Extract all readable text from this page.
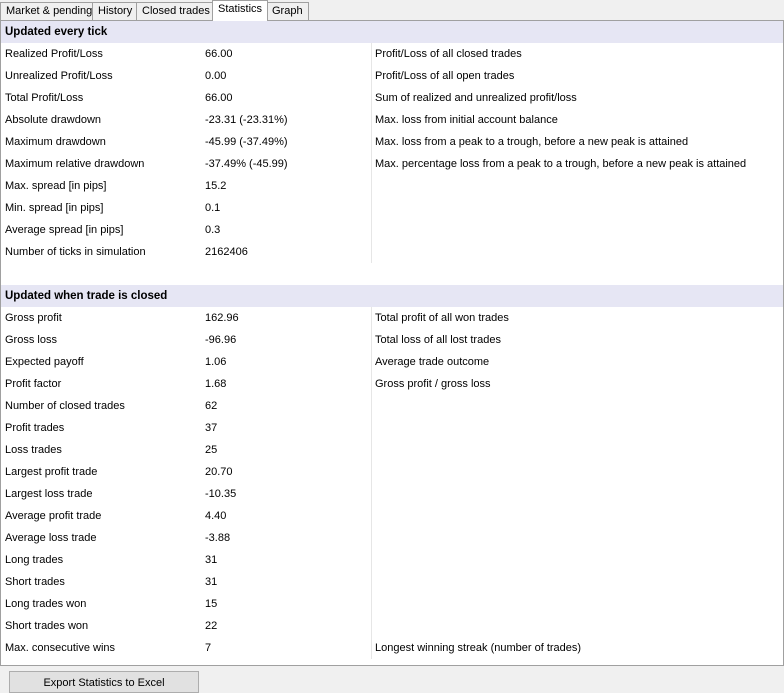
Market & pending History Closed trades Statistics Graph
Updated every tick
Realized Profit/Loss	66.00	Profit/Loss of all closed trades
Unrealized Profit/Loss	0.00	Profit/Loss of all open trades
Total Profit/Loss	66.00	Sum of realized and unrealized profit/loss
Absolute drawdown	-23.31 (-23.31%)	Max. loss from initial account balance
Maximum drawdown	-45.99 (-37.49%)	Max. loss from a peak to a trough, before a new peak is attained
Maximum relative drawdown	-37.49% (-45.99)	Max. percentage loss from a peak to a trough, before a new peak is attained
Max. spread [in pips]	15.2
Min. spread [in pips]	0.1
Average spread [in pips]	0.3
Number of ticks in simulation	2162406
Updated when trade is closed
Gross profit	162.96	Total profit of all won trades
Gross loss	-96.96	Total loss of all lost trades
Expected payoff	1.06	Average trade outcome
Profit factor	1.68	Gross profit / gross loss
Number of closed trades	62
Profit trades	37
Loss trades	25
Largest profit trade	20.70
Largest loss trade	-10.35
Average profit trade	4.40
Average loss trade	-3.88
Long trades	31
Short trades	31
Long trades won	15
Short trades won	22
Max. consecutive wins	7	Longest winning streak (number of trades)
Export Statistics to Excel
